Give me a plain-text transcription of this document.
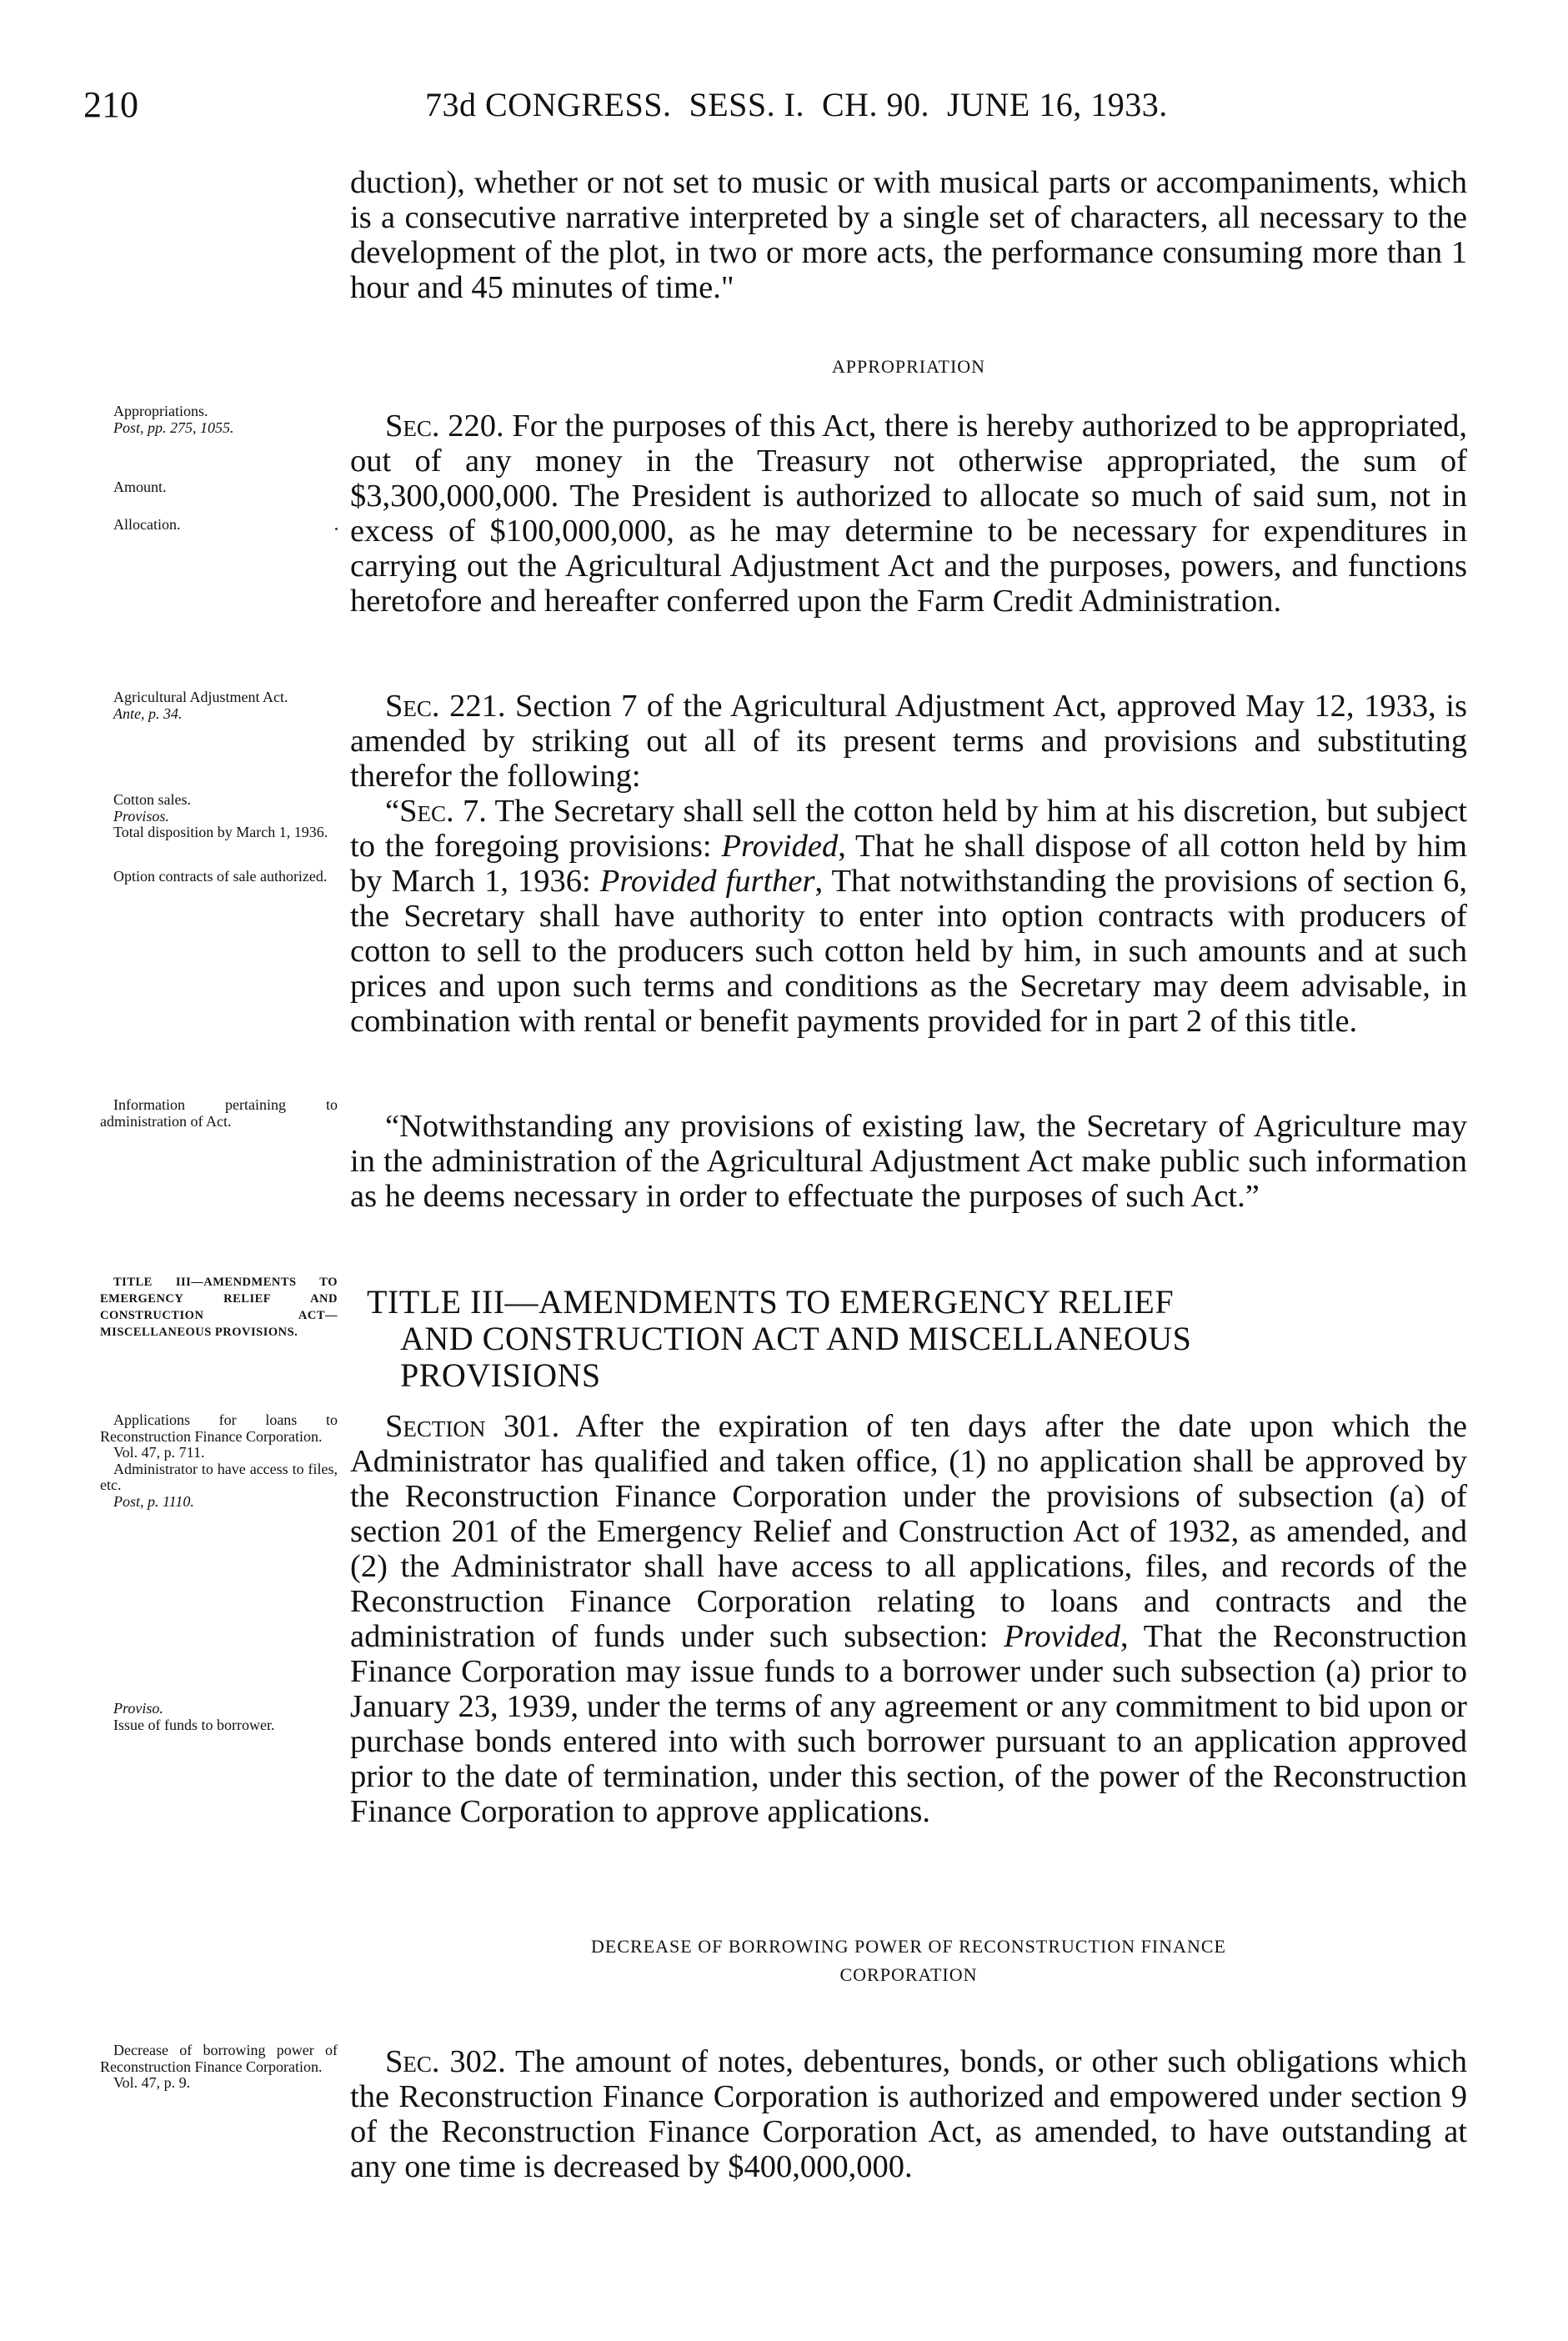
210	73d CONGRESS.  SESS. I.  CH. 90.  JUNE 16, 1933.

duction), whether or not set to music or with musical parts or accompaniments, which is a consecutive narrative interpreted by a single set of characters, all necessary to the development of the plot, in two or more acts, the performance consuming more than 1 hour and 45 minutes of time."

APPROPRIATION

Sec. 220. For the purposes of this Act, there is hereby authorized to be appropriated, out of any money in the Treasury not otherwise appropriated, the sum of $3,300,000,000. The President is authorized to allocate so much of said sum, not in excess of $100,000,000, as he may determine to be necessary for expenditures in carrying out the Agricultural Adjustment Act and the purposes, powers, and functions heretofore and hereafter conferred upon the Farm Credit Administration.

Sec. 221. Section 7 of the Agricultural Adjustment Act, approved May 12, 1933, is amended by striking out all of its present terms and provisions and substituting therefor the following:

“Sec. 7. The Secretary shall sell the cotton held by him at his discretion, but subject to the foregoing provisions: Provided, That he shall dispose of all cotton held by him by March 1, 1936: Provided further, That notwithstanding the provisions of section 6, the Secretary shall have authority to enter into option contracts with producers of cotton to sell to the producers such cotton held by him, in such amounts and at such prices and upon such terms and conditions as the Secretary may deem advisable, in combination with rental or benefit payments provided for in part 2 of this title.

“Notwithstanding any provisions of existing law, the Secretary of Agriculture may in the administration of the Agricultural Adjustment Act make public such information as he deems necessary in order to effectuate the purposes of such Act.”

TITLE III—AMENDMENTS TO EMERGENCY RELIEF
AND CONSTRUCTION ACT AND MISCELLANEOUS
PROVISIONS

Section 301. After the expiration of ten days after the date upon which the Administrator has qualified and taken office, (1) no application shall be approved by the Reconstruction Finance Corporation under the provisions of subsection (a) of section 201 of the Emergency Relief and Construction Act of 1932, as amended, and (2) the Administrator shall have access to all applications, files, and records of the Reconstruction Finance Corporation relating to loans and contracts and the administration of funds under such subsection: Provided, That the Reconstruction Finance Corporation may issue funds to a borrower under such subsection (a) prior to January 23, 1939, under the terms of any agreement or any commitment to bid upon or purchase bonds entered into with such borrower pursuant to an application approved prior to the date of termination, under this section, of the power of the Reconstruction Finance Corporation to approve applications.

DECREASE OF BORROWING POWER OF RECONSTRUCTION FINANCE
CORPORATION

Sec. 302. The amount of notes, debentures, bonds, or other such obligations which the Reconstruction Finance Corporation is authorized and empowered under section 9 of the Reconstruction Finance Corporation Act, as amended, to have outstanding at any one time is decreased by $400,000,000.

Appropriations.
Post, pp. 275, 1055.
Amount.
Allocation.
Agricultural Adjustment Act.
Ante, p. 34.
Cotton sales.
Provisos.
Total disposition by March 1, 1936.
Option contracts of sale authorized.
Information pertaining to administration of Act.
TITLE III—AMENDMENTS TO EMERGENCY RELIEF AND CONSTRUCTION ACT—MISCELLANEOUS PROVISIONS.
Applications for loans to Reconstruction Finance Corporation.
Vol. 47, p. 711.
Administrator to have access to files, etc.
Post, p. 1110.
Proviso.
Issue of funds to borrower.
Decrease of borrowing power of Reconstruction Finance Corporation.
Vol. 47, p. 9.
